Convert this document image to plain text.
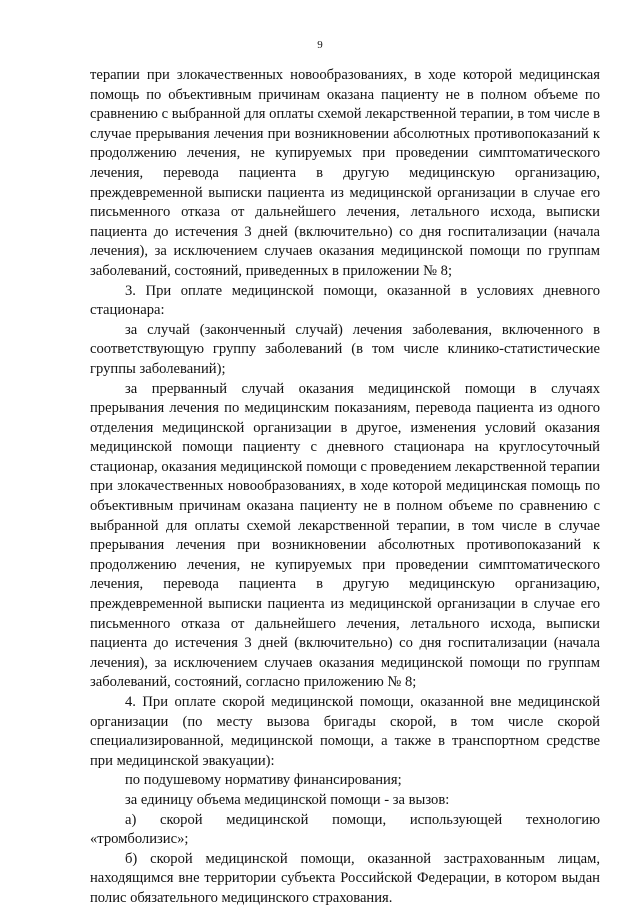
9

терапии при злокачественных новообразованиях, в ходе которой медицинская помощь по объективным причинам оказана пациенту не в полном объеме по сравнению с выбранной для оплаты схемой лекарственной терапии, в том числе в случае прерывания лечения при возникновении абсолютных противопоказаний к продолжению лечения, не купируемых при проведении симптоматического лечения, перевода пациента в другую медицинскую организацию, преждевременной выписки пациента из медицинской организации в случае его письменного отказа от дальнейшего лечения, летального исхода, выписки пациента до истечения 3 дней (включительно) со дня госпитализации (начала лечения), за исключением случаев оказания медицинской помощи по группам заболеваний, состояний, приведенных в приложении № 8;

3. При оплате медицинской помощи, оказанной в условиях дневного стационара:

за случай (законченный случай) лечения заболевания, включенного в соответствующую группу заболеваний (в том числе клинико-статистические группы заболеваний);

за прерванный случай оказания медицинской помощи в случаях прерывания лечения по медицинским показаниям, перевода пациента из одного отделения медицинской организации в другое, изменения условий оказания медицинской помощи пациенту с дневного стационара на круглосуточный стационар, оказания медицинской помощи с проведением лекарственной терапии при злокачественных новообразованиях, в ходе которой медицинская помощь по объективным причинам оказана пациенту не в полном объеме по сравнению с выбранной для оплаты схемой лекарственной терапии, в том числе в случае прерывания лечения при возникновении абсолютных противопоказаний к продолжению лечения, не купируемых при проведении симптоматического лечения, перевода пациента в другую медицинскую организацию, преждевременной выписки пациента из медицинской организации в случае его письменного отказа от дальнейшего лечения, летального исхода, выписки пациента до истечения 3 дней (включительно) со дня госпитализации (начала лечения), за исключением случаев оказания медицинской помощи по группам заболеваний, состояний, согласно приложению № 8;

4. При оплате скорой медицинской помощи, оказанной вне медицинской организации (по месту вызова бригады скорой, в том числе скорой специализированной, медицинской помощи, а также в транспортном средстве при медицинской эвакуации):

по подушевому нормативу финансирования;

за единицу объема медицинской помощи - за вызов:

а) скорой медицинской помощи, использующей технологию «тромболизис»;

б) скорой медицинской помощи, оказанной застрахованным лицам, находящимся вне территории субъекта Российской Федерации, в котором выдан полис обязательного медицинского страхования.
